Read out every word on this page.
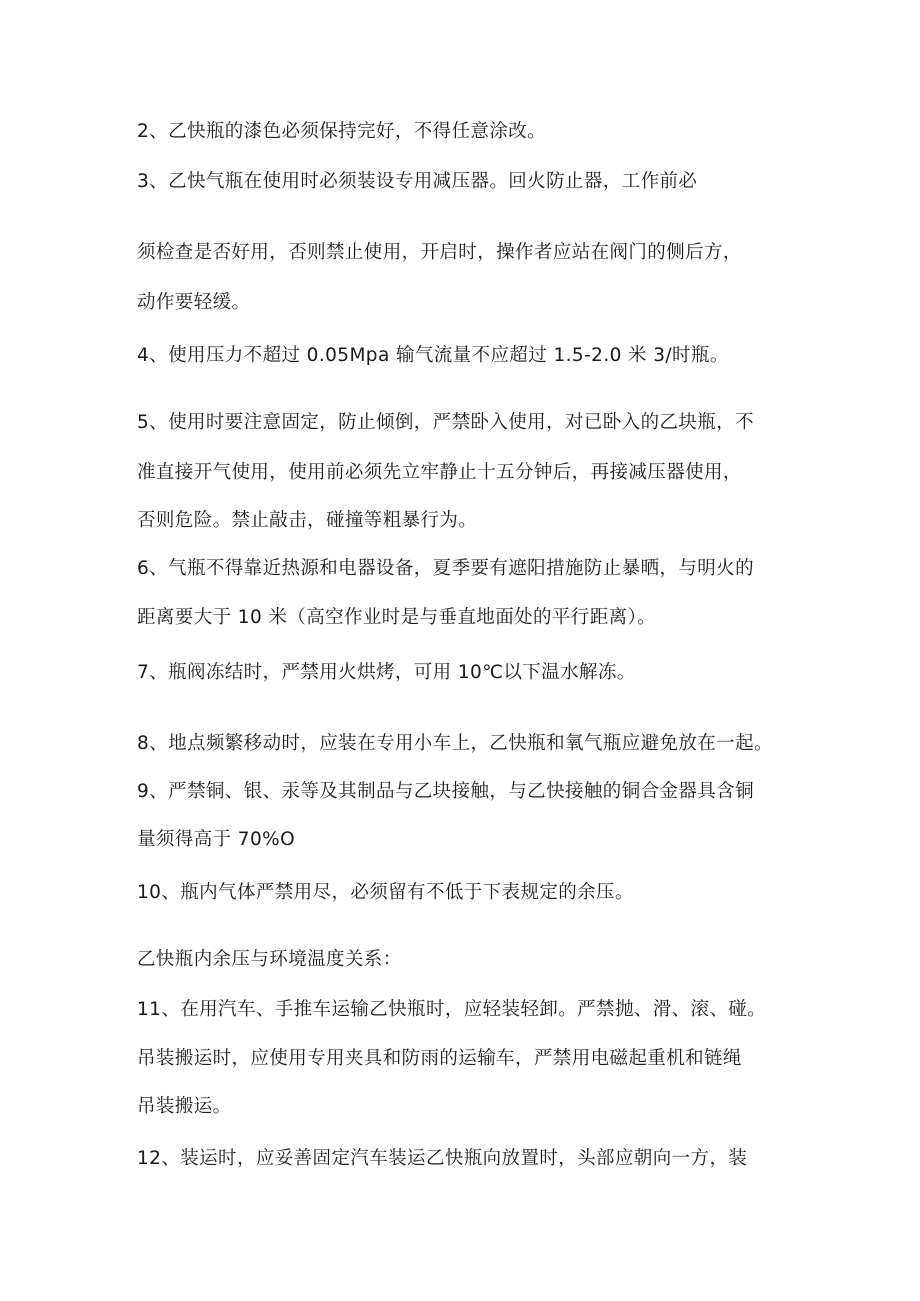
2、乙快瓶的漆色必须保持完好，不得任意涂改。
3、乙快气瓶在使用时必须装设专用减压器。回火防止器，工作前必
须检查是否好用，否则禁止使用，开启时，操作者应站在阀门的侧后方，
动作要轻缓。
4、使用压力不超过 0.05Mpa 输气流量不应超过 1.5-2.0 米 3/时瓶。
5、使用时要注意固定，防止倾倒，严禁卧入使用，对已卧入的乙块瓶，不
准直接开气使用，使用前必须先立牢静止十五分钟后，再接减压器使用，
否则危险。禁止敲击，碰撞等粗暴行为。
6、气瓶不得靠近热源和电器设备，夏季要有遮阳措施防止暴晒，与明火的
距离要大于 10 米（高空作业时是与垂直地面处的平行距离）。
7、瓶阀冻结时，严禁用火烘烤，可用 10℃以下温水解冻。
8、地点频繁移动时，应装在专用小车上，乙快瓶和氧气瓶应避免放在一起。
9、严禁铜、银、汞等及其制品与乙块接触，与乙快接触的铜合金器具含铜
量须得高于 70%O
10、瓶内气体严禁用尽，必须留有不低于下表规定的余压。
乙快瓶内余压与环境温度关系：
11、在用汽车、手推车运输乙快瓶时，应轻装轻卸。严禁抛、滑、滚、碰。
吊装搬运时，应使用专用夹具和防雨的运输车，严禁用电磁起重机和链绳
吊装搬运。
12、装运时，应妥善固定汽车装运乙快瓶向放置时，头部应朝向一方，装
